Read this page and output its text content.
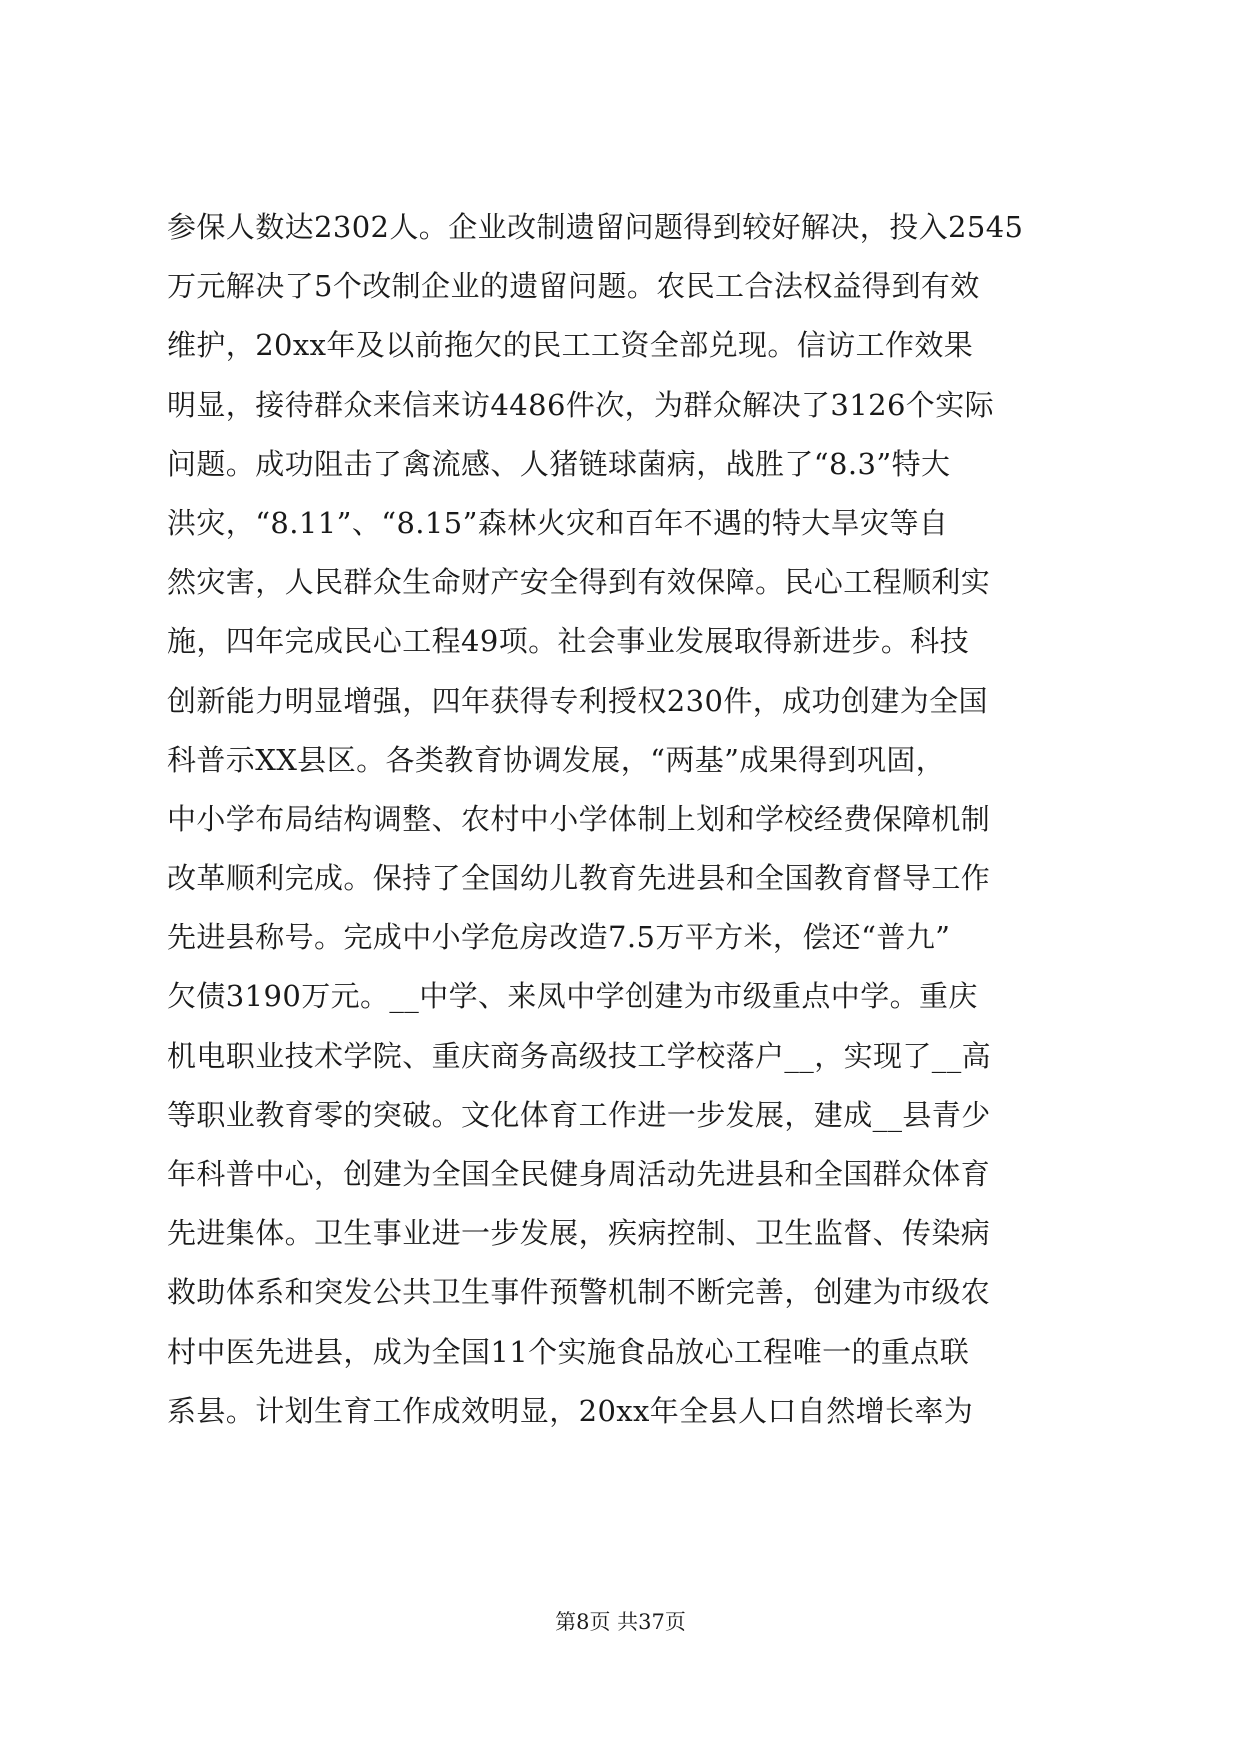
参保人数达2302人。企业改制遗留问题得到较好解决，投入2545
万元解决了5个改制企业的遗留问题。农民工合法权益得到有效
维护，20xx年及以前拖欠的民工工资全部兑现。信访工作效果
明显，接待群众来信来访4486件次，为群众解决了3126个实际
问题。成功阻击了禽流感、人猪链球菌病，战胜了“8.3”特大
洪灾，“8.11”、“8.15”森林火灾和百年不遇的特大旱灾等自
然灾害，人民群众生命财产安全得到有效保障。民心工程顺利实
施，四年完成民心工程49项。社会事业发展取得新进步。科技
创新能力明显增强，四年获得专利授权230件，成功创建为全国
科普示XX县区。各类教育协调发展，“两基”成果得到巩固，
中小学布局结构调整、农村中小学体制上划和学校经费保障机制
改革顺利完成。保持了全国幼儿教育先进县和全国教育督导工作
先进县称号。完成中小学危房改造7.5万平方米，偿还“普九”
欠债3190万元。__中学、来凤中学创建为市级重点中学。重庆
机电职业技术学院、重庆商务高级技工学校落户__，实现了__高
等职业教育零的突破。文化体育工作进一步发展，建成__县青少
年科普中心，创建为全国全民健身周活动先进县和全国群众体育
先进集体。卫生事业进一步发展，疾病控制、卫生监督、传染病
救助体系和突发公共卫生事件预警机制不断完善，创建为市级农
村中医先进县，成为全国11个实施食品放心工程唯一的重点联
系县。计划生育工作成效明显，20xx年全县人口自然增长率为
第8页 共37页
